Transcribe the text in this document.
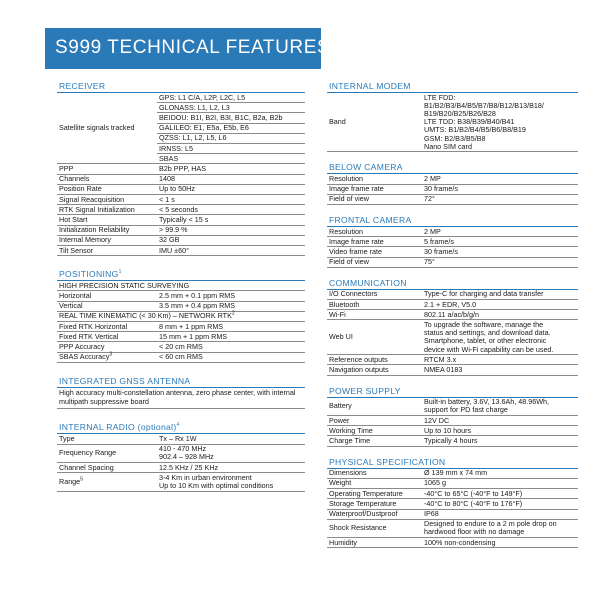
S999 TECHNICAL FEATURES
RECEIVER
Satellite signals tracked	GPS: L1 C/A, L2P, L2C, L5
	GLONASS: L1, L2, L3
	BEIDOU: B1I, B2I, B3I, B1C, B2a, B2b
	GALILEO: E1, E5a, E5b, E6
	QZSS: L1, L2, L5, L6
	IRNSS: L5
	SBAS
PPP	B2b PPP, HAS
Channels	1408
Position Rate	Up to 50Hz
Signal Reacquisition	< 1 s
RTK Signal Initialization	< 5 seconds
Hot Start	Typically < 15 s
Initialization Reliability	> 99.9 %
Internal Memory	32 GB
Tilt Sensor	IMU ±60°
POSITIONING$^1$
HIGH PRECISION STATIC SURVEYING
Horizontal	2.5 mm + 0.1 ppm RMS
Vertical	3.5 mm + 0.4 ppm RMS
REAL TIME KINEMATIC (< 30 Km) – NETWORK RTK$^2$
Fixed RTK Horizontal	8 mm + 1 ppm RMS
Fixed RTK Vertical	15 mm + 1 ppm RMS
PPP Accuracy	< 20 cm RMS
SBAS Accuracy$^3$	< 60 cm RMS
INTEGRATED GNSS ANTENNA
High accuracy multi-constellation antenna, zero phase center, with internal multipath suppressive board
INTERNAL RADIO (optional)$^4$
Type	Tx – Rx 1W
Frequency Range	410 - 470 MHz
902.4 – 928 MHz
Channel Spacing	12.5 KHz / 25 KHz
Range$^5$	3-4 Km in urban environment
Up to 10 Km with optimal conditions
INTERNAL MODEM
Band	LTE FDD:
B1/B2/B3/B4/B5/B7/B8/B12/B13/B18/
B19/B20/B25/B26/B28
LTE TDD: B38/B39/B40/B41
UMTS: B1/B2/B4/B5/B6/B8/B19
GSM: B2/B3/B5/B8
Nano SIM card
BELOW CAMERA
Resolution	2 MP
Image frame rate	30 frame/s
Field of view	72°
FRONTAL CAMERA
Resolution	2 MP
Image frame rate	5 frame/s
Video frame rate	30 frame/s
Field of view	75°
COMMUNICATION
I/O Connectors	Type-C for charging and data transfer
Bluetooth	2.1 + EDR, V5.0
Wi-Fi	802.11 a/ac/b/g/n
Web UI	To upgrade the software, manage the
status and settings, and download data.
Smartphone, tablet, or other electronic
device with Wi-Fi capability can be used.
Reference outputs	RTCM 3.x
Navigation outputs	NMEA 0183
POWER SUPPLY
Battery	Built-in battery, 3.6V, 13.6Ah, 48.96Wh,
support for PD fast charge
Power	12V DC
Working Time	Up to 10 hours
Charge Time	Typically 4 hours
PHYSICAL SPECIFICATION
Dimensions	Ø 139 mm x 74 mm
Weight	1065 g
Operating Temperature	-40°C to 65°C (-40°F to 149°F)
Storage Temperature	-40°C to 80°C (-40°F to 176°F)
Waterproof/Dustproof	IP68
Shock Resistance	Designed to endure to a 2 m pole drop on
hardwood floor with no damage
Humidity	100% non-condensing
